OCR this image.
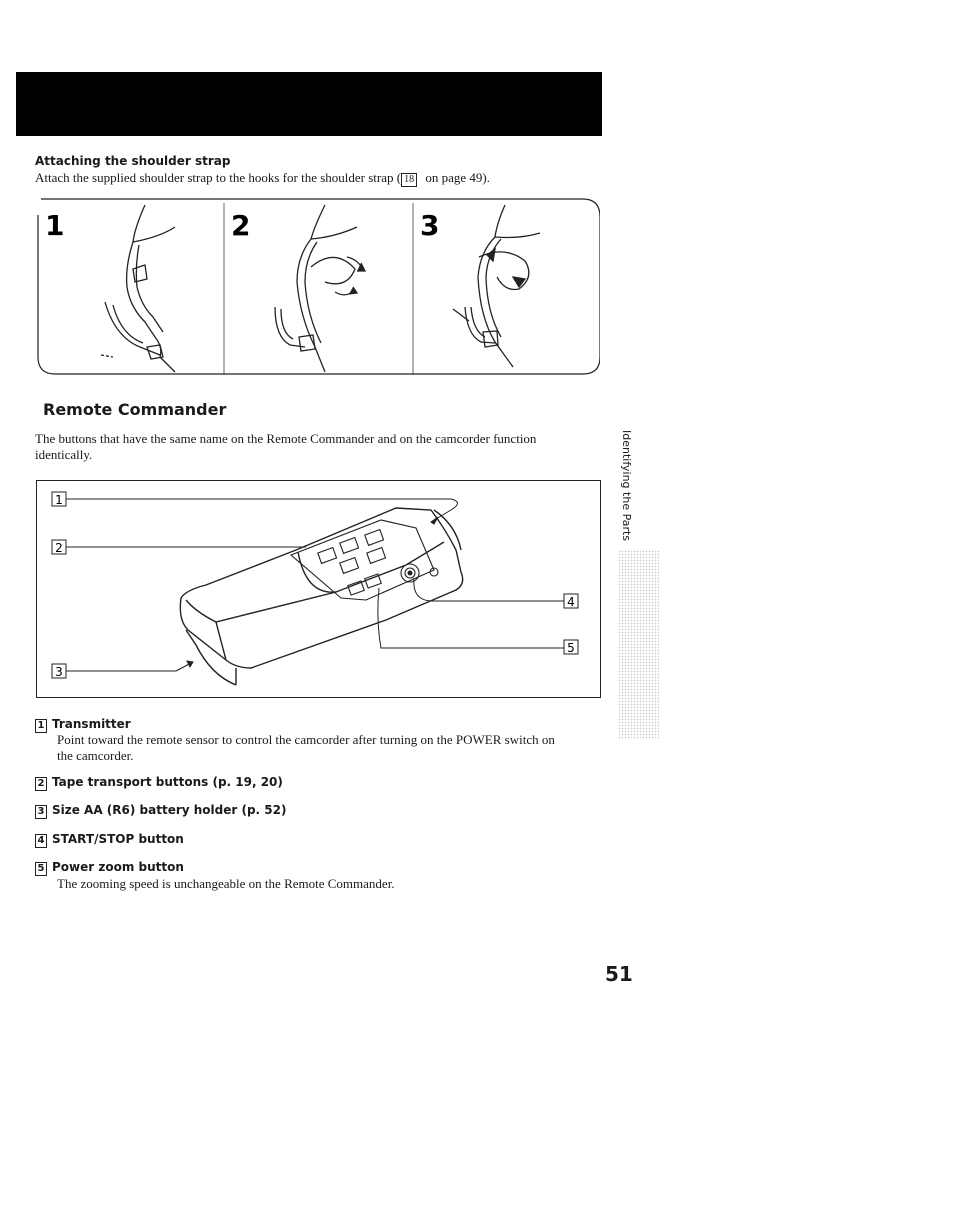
Attaching the shoulder strap
Attach the supplied shoulder strap to the hooks for the shoulder strap ( 18 on page 49).
1	2	3
Remote Commander
The buttons that have the same name on the Remote Commander and on the camcorder function
identically.
1
2
3
4
5
1 Transmitter
Point toward the remote sensor to control the camcorder after turning on the POWER switch on
the camcorder.
2 Tape transport buttons (p. 19, 20)
3 Size AA (R6) battery holder (p. 52)
4 START/STOP button
5 Power zoom button
The zooming speed is unchangeable on the Remote Commander.
Identifying the Parts
51
